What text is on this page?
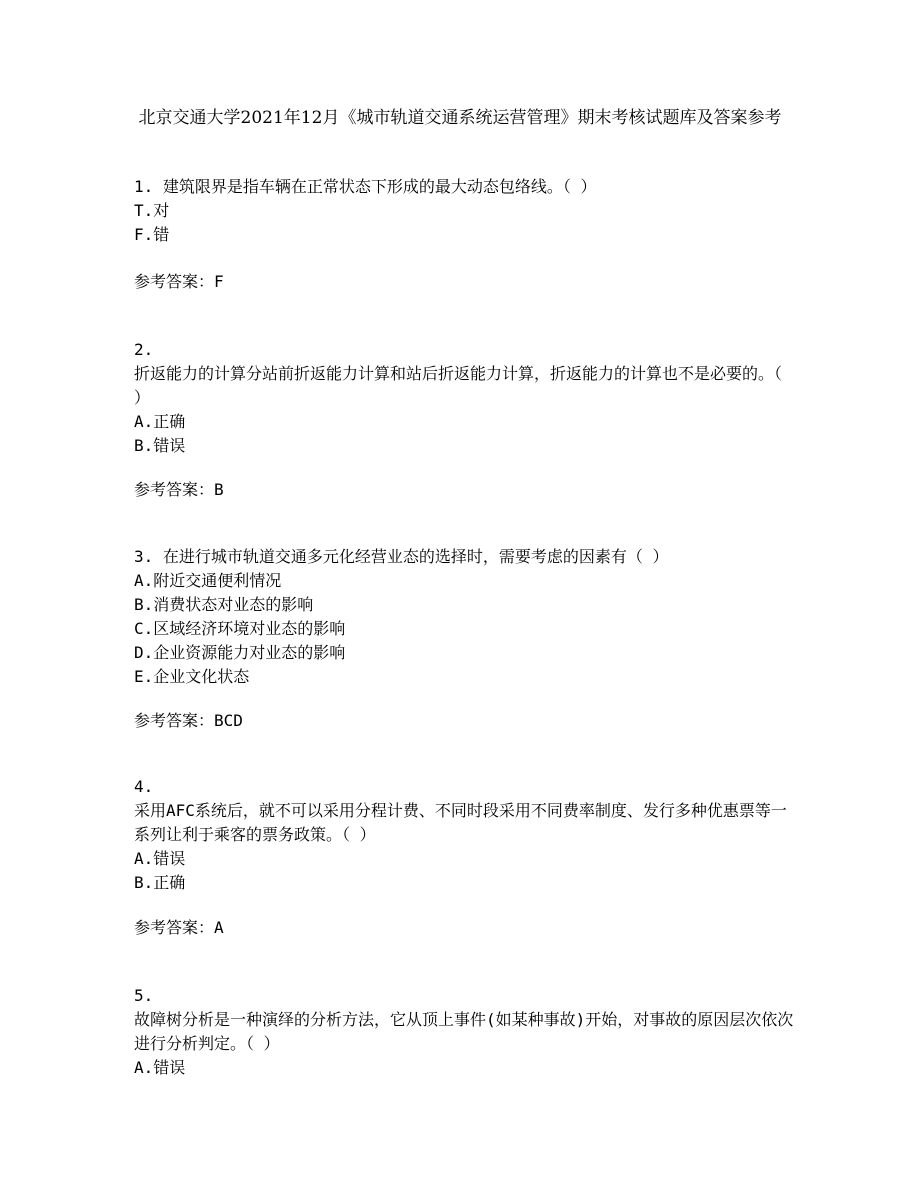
北京交通大学2021年12月《城市轨道交通系统运营管理》期末考核试题库及答案参考
1. 建筑限界是指车辆在正常状态下形成的最大动态包络线。（ ）
T.对
F.错
参考答案：F
2.
折返能力的计算分站前折返能力计算和站后折返能力计算，折返能力的计算也不是必要的。（ ）
A.正确
B.错误
参考答案：B
3. 在进行城市轨道交通多元化经营业态的选择时，需要考虑的因素有（ ）
A.附近交通便利情况
B.消费状态对业态的影响
C.区域经济环境对业态的影响
D.企业资源能力对业态的影响
E.企业文化状态
参考答案：BCD
4.
采用AFC系统后，就不可以采用分程计费、不同时段采用不同费率制度、发行多种优惠票等一系列让利于乘客的票务政策。（ ）
A.错误
B.正确
参考答案：A
5.
故障树分析是一种演绎的分析方法，它从顶上事件(如某种事故)开始，对事故的原因层次依次进行分析判定。（ ）
A.错误
